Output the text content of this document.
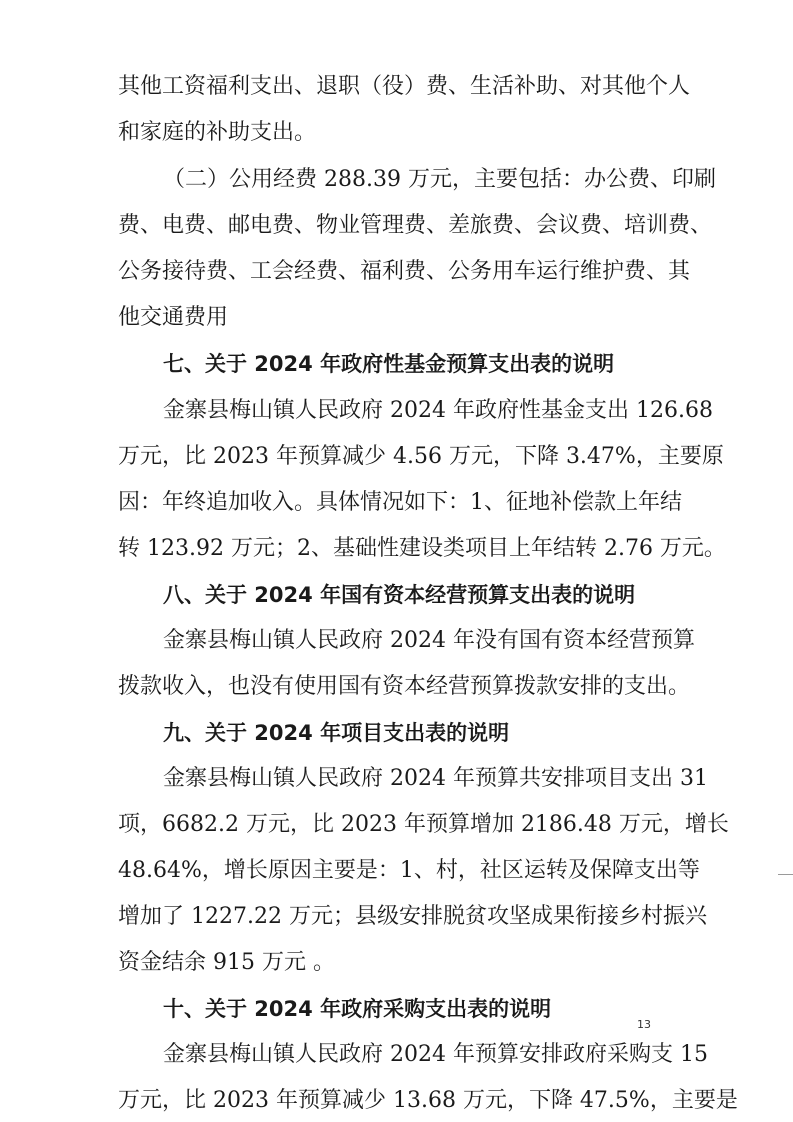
其他工资福利支出、退职（役）费、生活补助、对其他个人
和家庭的补助支出。
（二）公用经费 288.39 万元，主要包括：办公费、印刷
费、电费、邮电费、物业管理费、差旅费、会议费、培训费、
公务接待费、工会经费、福利费、公务用车运行维护费、其
他交通费用
七、关于 2024 年政府性基金预算支出表的说明
金寨县梅山镇人民政府 2024 年政府性基金支出 126.68
万元，比 2023 年预算减少 4.56 万元，下降 3.47%，主要原
因：年终追加收入。具体情况如下：1、征地补偿款上年结
转 123.92 万元；2、基础性建设类项目上年结转 2.76 万元。
八、关于 2024 年国有资本经营预算支出表的说明
金寨县梅山镇人民政府 2024 年没有国有资本经营预算
拨款收入，也没有使用国有资本经营预算拨款安排的支出。
九、关于 2024 年项目支出表的说明
金寨县梅山镇人民政府 2024 年预算共安排项目支出 31
项，6682.2 万元，比 2023 年预算增加 2186.48 万元，增长
48.64%，增长原因主要是：1、村，社区运转及保障支出等
增加了 1227.22 万元；县级安排脱贫攻坚成果衔接乡村振兴
资金结余 915 万元 。
十、关于 2024 年政府采购支出表的说明
金寨县梅山镇人民政府 2024 年预算安排政府采购支 15
万元，比 2023 年预算减少 13.68 万元，下降 47.5%，主要是
13
